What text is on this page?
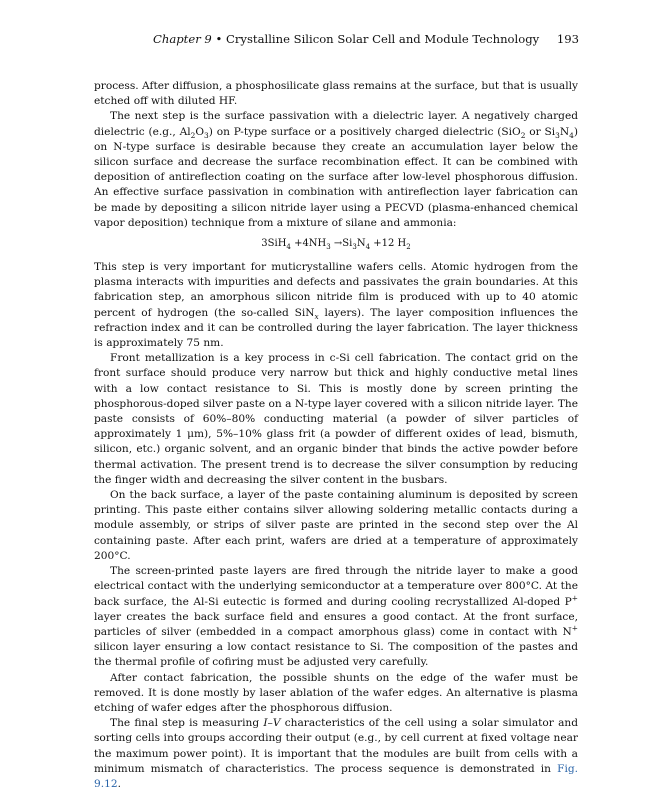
Chapter 9 • Crystalline Silicon Solar Cell and Module Technology 193

process. After diffusion, a phosphosilicate glass remains at the surface, but that is usually etched off with diluted HF.

The next step is the surface passivation with a dielectric layer. A negatively charged dielectric (e.g., $Al_2O_3$) on P-type surface or a positively charged dielectric (SiO$_2$ or $Si_3N_4$) on N-type surface is desirable because they create an accumulation layer below the silicon surface and decrease the surface recombination effect. It can be combined with deposition of antireflection coating on the surface after low-level phosphorous diffusion. An effective surface passivation in combination with antireflection layer fabrication can be made by depositing a silicon nitride layer using a PECVD (plasma-enhanced chemical vapor deposition) technique from a mixture of silane and ammonia:

$3SiH_4 +4NH_3 \to Si_3N_4 +12$ $H_2$

This step is very important for muticrystalline wafers cells. Atomic hydrogen from the plasma interacts with impurities and defects and passivates the grain boundaries. At this fabrication step, an amorphous silicon nitride film is produced with up to 40 atomic percent of hydrogen (the so-called SiN$_x$ layers). The layer composition influences the refraction index and it can be controlled during the layer fabrication. The layer thickness is approximately 75 nm.

Front metallization is a key process in c-Si cell fabrication. The contact grid on the front surface should produce very narrow but thick and highly conductive metal lines with a low contact resistance to Si. This is mostly done by screen printing the phosphorous-doped silver paste on a N-type layer covered with a silicon nitride layer. The paste consists of 60%–80% conducting material (a powder of silver particles of approximately 1 μm), 5%–10% glass frit (a powder of different oxides of lead, bismuth, silicon, etc.) organic solvent, and an organic binder that binds the active powder before thermal activation. The present trend is to decrease the silver consumption by reducing the finger width and decreasing the silver content in the busbars.

On the back surface, a layer of the paste containing aluminum is deposited by screen printing. This paste either contains silver allowing soldering metallic contacts during a module assembly, or strips of silver paste are printed in the second step over the Al containing paste. After each print, wafers are dried at a temperature of approximately 200°C.

The screen-printed paste layers are fired through the nitride layer to make a good electrical contact with the underlying semiconductor at a temperature over 800°C. At the back surface, the Al-Si eutectic is formed and during cooling recrystallized Al-doped P+ layer creates the back surface field and ensures a good contact. At the front surface, particles of silver (embedded in a compact amorphous glass) come in contact with N+ silicon layer ensuring a low contact resistance to Si. The composition of the pastes and the thermal profile of cofiring must be adjusted very carefully.

After contact fabrication, the possible shunts on the edge of the wafer must be removed. It is done mostly by laser ablation of the wafer edges. An alternative is plasma etching of wafer edges after the phosphorous diffusion.

The final step is measuring I–V characteristics of the cell using a solar simulator and sorting cells into groups according their output (e.g., by cell current at fixed voltage near the maximum power point). It is important that the modules are built from cells with a minimum mismatch of characteristics. The process sequence is demonstrated in Fig. 9.12.
